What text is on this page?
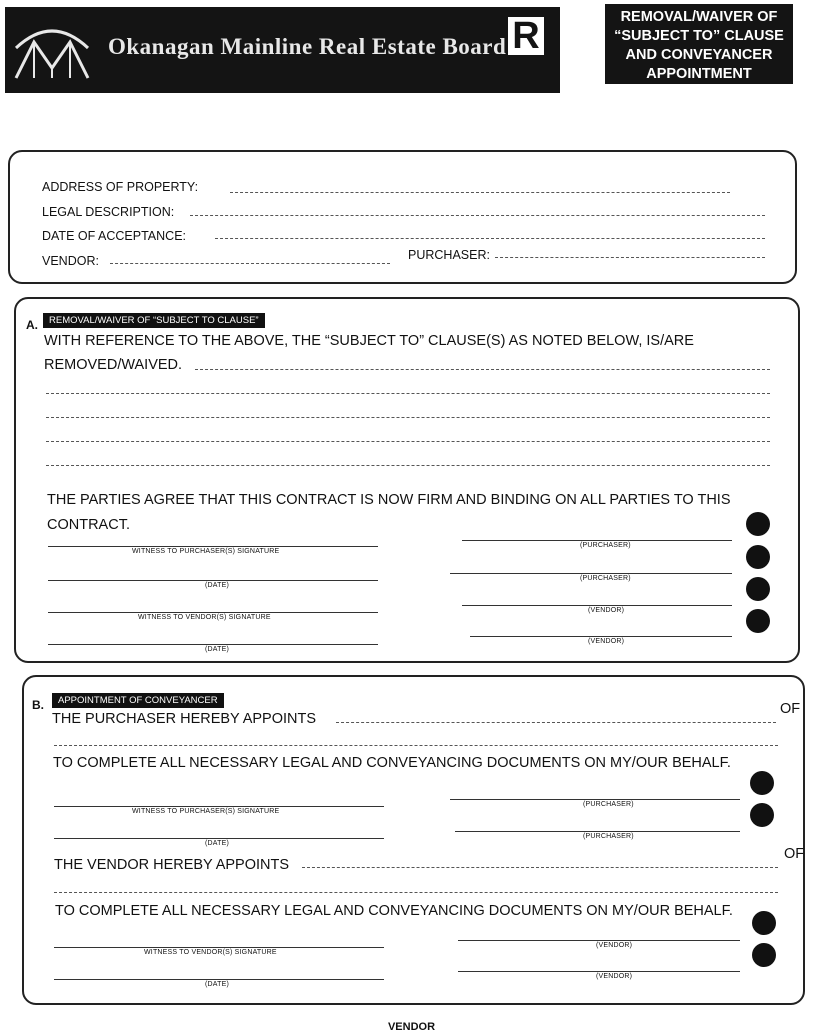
Okanagan Mainline Real Estate Board R	REMOVAL/WAIVER OF
“SUBJECT TO” CLAUSE
AND CONVEYANCER
APPOINTMENT
ADDRESS OF PROPERTY:
LEGAL DESCRIPTION:
DATE OF ACCEPTANCE:
VENDOR:	PURCHASER:
A.	REMOVAL/WAIVER OF “SUBJECT TO CLAUSE”
WITH REFERENCE TO THE ABOVE, THE “SUBJECT TO” CLAUSE(S) AS NOTED BELOW, IS/ARE
REMOVED/WAIVED.
THE PARTIES AGREE THAT THIS CONTRACT IS NOW FIRM AND BINDING ON ALL PARTIES TO THIS
CONTRACT.
WITNESS TO PURCHASER(S) SIGNATURE
(DATE)
WITNESS TO VENDOR(S) SIGNATURE
(DATE)
(PURCHASER)
(PURCHASER)
(VENDOR)
(VENDOR)
B.	APPOINTMENT OF CONVEYANCER
THE PURCHASER HEREBY APPOINTS
OF
TO COMPLETE ALL NECESSARY LEGAL AND CONVEYANCING DOCUMENTS ON MY/OUR BEHALF.
WITNESS TO PURCHASER(S) SIGNATURE
(DATE)
(PURCHASER)
(PURCHASER)
THE VENDOR HEREBY APPOINTS
OF
TO COMPLETE ALL NECESSARY LEGAL AND CONVEYANCING DOCUMENTS ON MY/OUR BEHALF.
WITNESS TO VENDOR(S) SIGNATURE
(DATE)
(VENDOR)
(VENDOR)
VENDOR
